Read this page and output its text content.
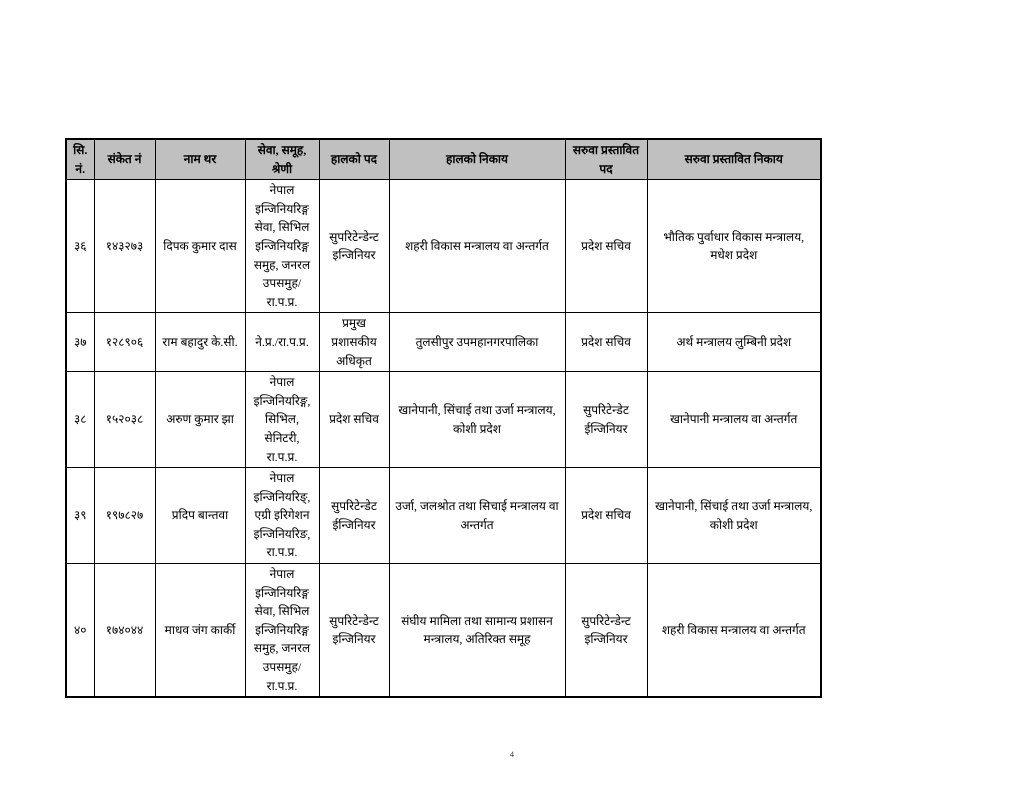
सि.नं.	संकेत नं	नाम थर	सेवा, समूह, श्रेणी	हालको पद	हालको निकाय	सरुवा प्रस्तावित पद	सरुवा प्रस्तावित निकाय
३६	१४३२७३	दिपक कुमार दास	नेपाल इन्जिनियरिङ्ग सेवा, सिभिल इन्जिनियरिङ्ग समुह, जनरल उपसमुह/रा.प.प्र.	सुपरिटेन्डेन्ट इन्जिनियर	शहरी विकास मन्त्रालय वा अन्तर्गत	प्रदेश सचिव	भौतिक पुर्वाधार विकास मन्त्रालय, मधेश प्रदेश
३७	१२८९०६	राम बहादुर के.सी.	ने.प्र./रा.प.प्र.	प्रमुख प्रशासकीय अधिकृत	तुलसीपुर उपमहानगरपालिका	प्रदेश सचिव	अर्थ मन्त्रालय लुम्बिनी प्रदेश
३८	१५२०३८	अरुण कुमार झा	नेपाल इन्जिनियरिङ्ग, सिभिल, सेनिटरी, रा.प.प्र.	प्रदेश सचिव	खानेपानी, सिंचाई तथा उर्जा मन्त्रालय, कोशी प्रदेश	सुपरिटेन्डेट ईन्जिनियर	खानेपानी मन्त्रालय वा अन्तर्गत
३९	१९७८२७	प्रदिप बान्तवा	नेपाल इन्जिनियरिङ्, एग्री इरिगेशन इन्जिनियरिङ, रा.प.प्र.	सुपरिटेन्डेट ईन्जिनियर	उर्जा, जलश्रोत तथा सिचाई मन्त्रालय वा अन्तर्गत	प्रदेश सचिव	खानेपानी, सिंचाई तथा उर्जा मन्त्रालय, कोशी प्रदेश
४०	१७४०४४	माधव जंग कार्की	नेपाल इन्जिनियरिङ्ग सेवा, सिभिल इन्जिनियरिङ्ग समुह, जनरल उपसमुह/रा.प.प्र.	सुपरिटेन्डेन्ट इन्जिनियर	संघीय मामिला तथा सामान्य प्रशासन मन्त्रालय, अतिरिक्त समूह	सुपरिटेन्डेन्ट इन्जिनियर	शहरी विकास मन्त्रालय वा अन्तर्गत
4
